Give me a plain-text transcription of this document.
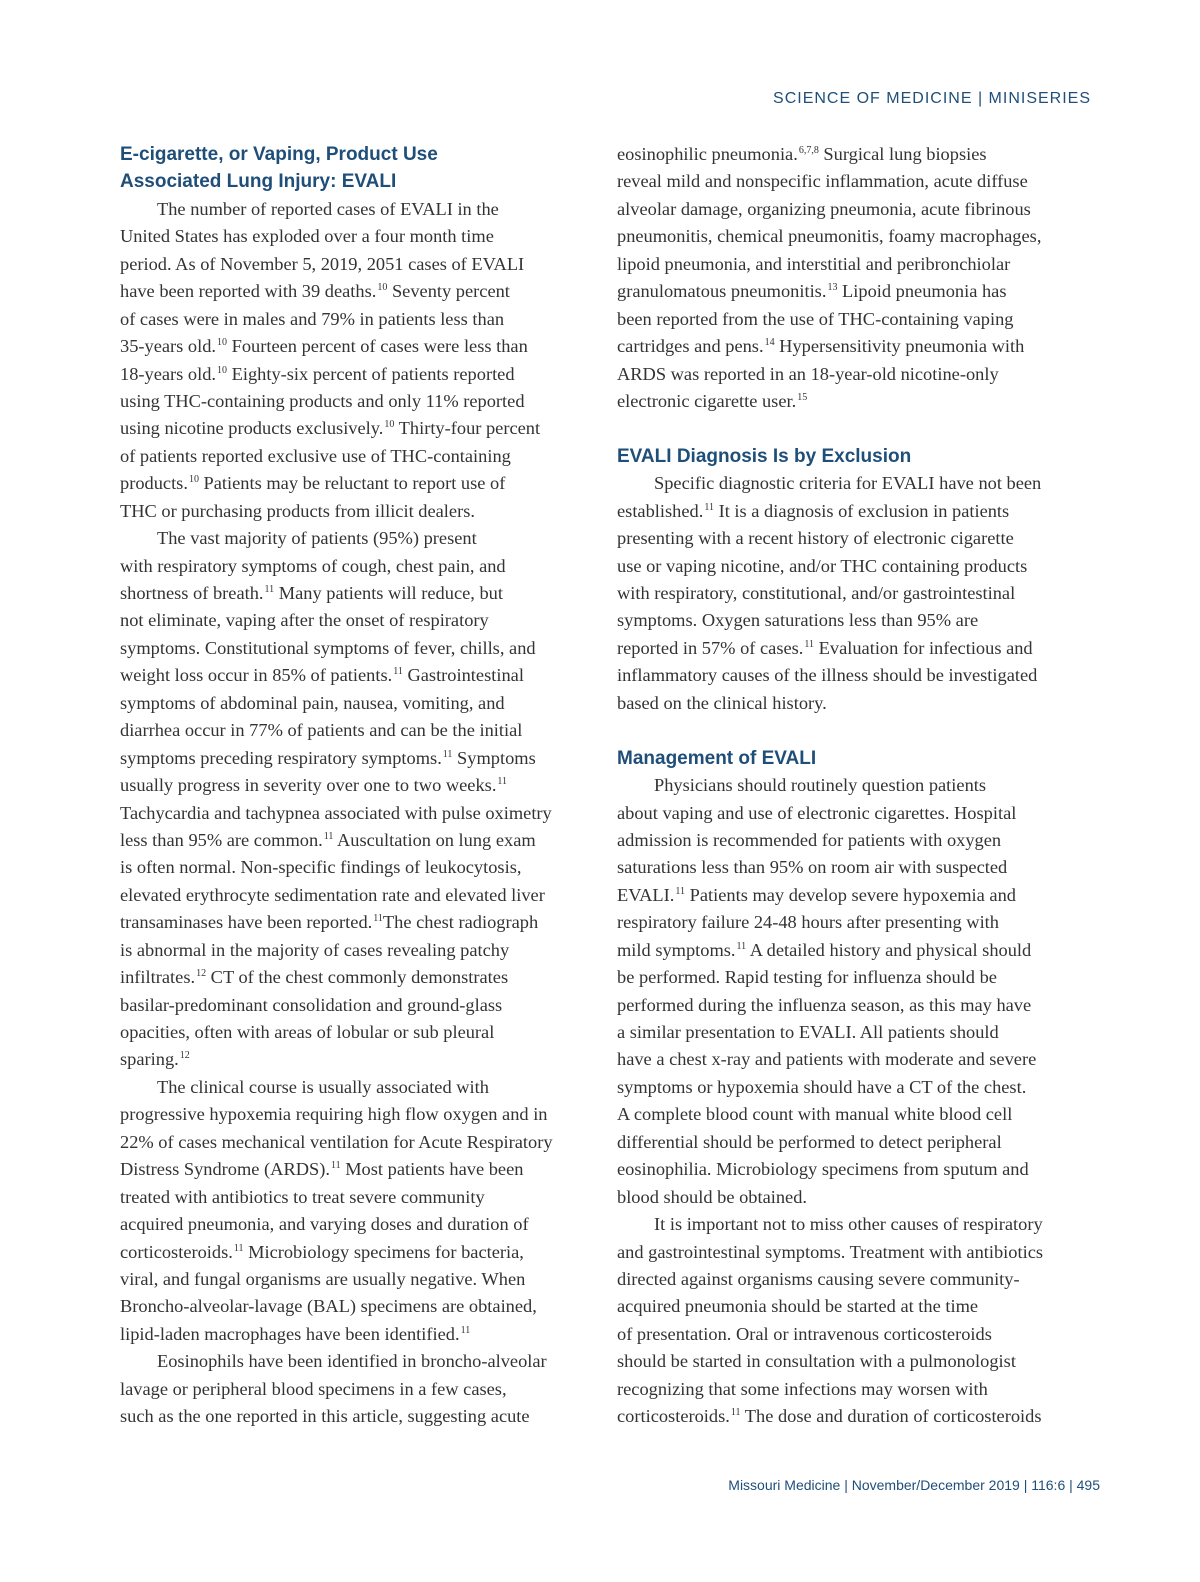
SCIENCE OF MEDICINE | MINISERIES
E-cigarette, or Vaping, Product Use
Associated Lung Injury: EVALI
The number of reported cases of EVALI in the
United States has exploded over a four month time
period. As of November 5, 2019, 2051 cases of EVALI
have been reported with 39 deaths.$^{10}$ Seventy percent
of cases were in males and 79% in patients less than
35-years old.$^{10}$ Fourteen percent of cases were less than
18-years old.$^{10}$ Eighty-six percent of patients reported
using THC-containing products and only 11% reported
using nicotine products exclusively.$^{10}$ Thirty-four percent
of patients reported exclusive use of THC-containing
products.$^{10}$ Patients may be reluctant to report use of
THC or purchasing products from illicit dealers.
The vast majority of patients (95%) present
with respiratory symptoms of cough, chest pain, and
shortness of breath.$^{11}$ Many patients will reduce, but
not eliminate, vaping after the onset of respiratory
symptoms. Constitutional symptoms of fever, chills, and
weight loss occur in 85% of patients.$^{11}$ Gastrointestinal
symptoms of abdominal pain, nausea, vomiting, and
diarrhea occur in 77% of patients and can be the initial
symptoms preceding respiratory symptoms.$^{11}$ Symptoms
usually progress in severity over one to two weeks.$^{11}$
Tachycardia and tachypnea associated with pulse oximetry
less than 95% are common.$^{11}$ Auscultation on lung exam
is often normal. Non-specific findings of leukocytosis,
elevated erythrocyte sedimentation rate and elevated liver
transaminases have been reported.$^{11}$The chest radiograph
is abnormal in the majority of cases revealing patchy
infiltrates.$^{12}$ CT of the chest commonly demonstrates
basilar-predominant consolidation and ground-glass
opacities, often with areas of lobular or sub pleural
sparing.$^{12}$
The clinical course is usually associated with
progressive hypoxemia requiring high flow oxygen and in
22% of cases mechanical ventilation for Acute Respiratory
Distress Syndrome (ARDS).$^{11}$ Most patients have been
treated with antibiotics to treat severe community
acquired pneumonia, and varying doses and duration of
corticosteroids.$^{11}$ Microbiology specimens for bacteria,
viral, and fungal organisms are usually negative. When
Broncho-alveolar-lavage (BAL) specimens are obtained,
lipid-laden macrophages have been identified.$^{11}$
Eosinophils have been identified in broncho-alveolar
lavage or peripheral blood specimens in a few cases,
such as the one reported in this article, suggesting acute
eosinophilic pneumonia.$^{6,7,8}$ Surgical lung biopsies
reveal mild and nonspecific inflammation, acute diffuse
alveolar damage, organizing pneumonia, acute fibrinous
pneumonitis, chemical pneumonitis, foamy macrophages,
lipoid pneumonia, and interstitial and peribronchiolar
granulomatous pneumonitis.$^{13}$ Lipoid pneumonia has
been reported from the use of THC-containing vaping
cartridges and pens.$^{14}$ Hypersensitivity pneumonia with
ARDS was reported in an 18-year-old nicotine-only
electronic cigarette user.$^{15}$
EVALI Diagnosis Is by Exclusion
Specific diagnostic criteria for EVALI have not been
established.$^{11}$ It is a diagnosis of exclusion in patients
presenting with a recent history of electronic cigarette
use or vaping nicotine, and/or THC containing products
with respiratory, constitutional, and/or gastrointestinal
symptoms. Oxygen saturations less than 95% are
reported in 57% of cases.$^{11}$ Evaluation for infectious and
inflammatory causes of the illness should be investigated
based on the clinical history.
Management of EVALI
Physicians should routinely question patients
about vaping and use of electronic cigarettes. Hospital
admission is recommended for patients with oxygen
saturations less than 95% on room air with suspected
EVALI.$^{11}$ Patients may develop severe hypoxemia and
respiratory failure 24-48 hours after presenting with
mild symptoms.$^{11}$ A detailed history and physical should
be performed. Rapid testing for influenza should be
performed during the influenza season, as this may have
a similar presentation to EVALI. All patients should
have a chest x-ray and patients with moderate and severe
symptoms or hypoxemia should have a CT of the chest.
A complete blood count with manual white blood cell
differential should be performed to detect peripheral
eosinophilia. Microbiology specimens from sputum and
blood should be obtained.
It is important not to miss other causes of respiratory
and gastrointestinal symptoms. Treatment with antibiotics
directed against organisms causing severe community-
acquired pneumonia should be started at the time
of presentation. Oral or intravenous corticosteroids
should be started in consultation with a pulmonologist
recognizing that some infections may worsen with
corticosteroids.$^{11}$ The dose and duration of corticosteroids
Missouri Medicine | November/December 2019 | 116:6 | 495
